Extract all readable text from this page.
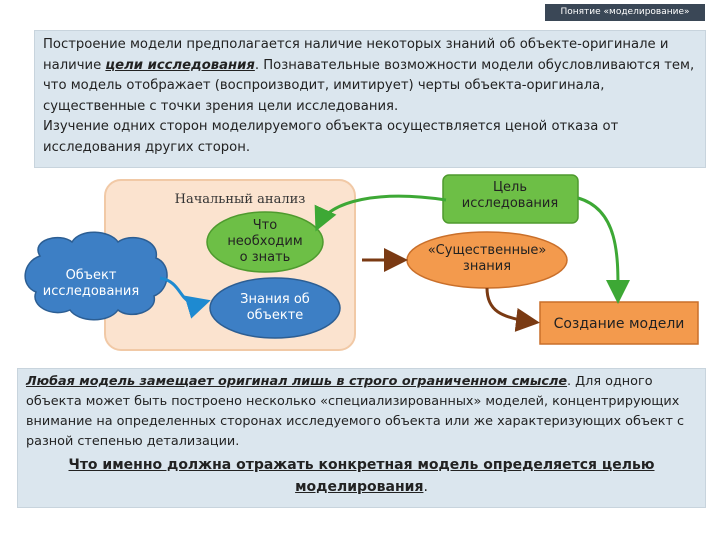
Понятие «моделирование»

Построение модели предполагается наличие некоторых знаний об объекте-оригинале и наличие цели исследования. Познавательные возможности модели обусловливаются тем, что модель отображает (воспроизводит, имитирует) черты объекта-оригинала, существенные с точки зрения цели исследования.

Изучение одних сторон моделируемого объекта осуществляется ценой отказа от исследования других сторон.

Начальный анализ
Объект исследования
Что необходим о знать
Знания об объекте
Цель исследования
«Существенные» знания
Создание модели

Любая модель замещает оригинал лишь в строго ограниченном смысле. Для одного объекта может быть построено несколько «специализированных» моделей, концентрирующих внимание на определенных сторонах исследуемого объекта или же характеризующих объект с разной степенью детализации.

Что именно должна отражать конкретная модель определяется целью моделирования.
